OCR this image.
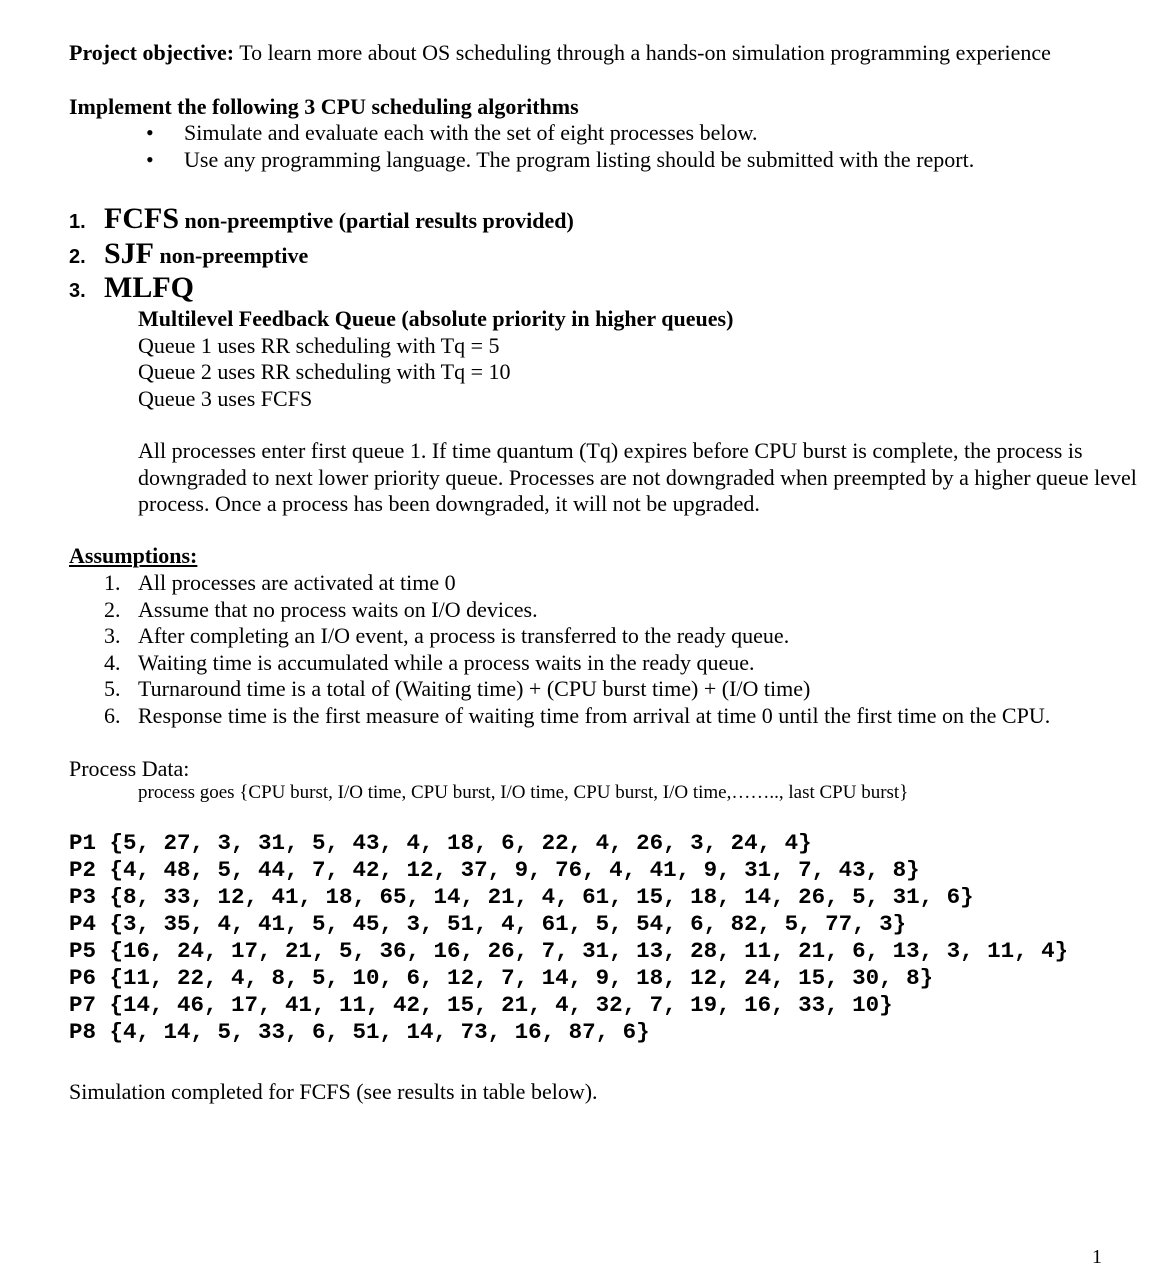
Project objective: To learn more about OS scheduling through a hands-on simulation programming experience
Implement the following 3 CPU scheduling algorithms
• Simulate and evaluate each with the set of eight processes below.
• Use any programming language. The program listing should be submitted with the report.
1. FCFS non-preemptive (partial results provided)
2. SJF non-preemptive
3. MLFQ
Multilevel Feedback Queue (absolute priority in higher queues)
Queue 1 uses RR scheduling with Tq = 5
Queue 2 uses RR scheduling with Tq = 10
Queue 3 uses FCFS
All processes enter first queue 1. If time quantum (Tq) expires before CPU burst is complete, the process is downgraded to next lower priority queue. Processes are not downgraded when preempted by a higher queue level process. Once a process has been downgraded, it will not be upgraded.
Assumptions:
1. All processes are activated at time 0
2. Assume that no process waits on I/O devices.
3. After completing an I/O event, a process is transferred to the ready queue.
4. Waiting time is accumulated while a process waits in the ready queue.
5. Turnaround time is a total of (Waiting time) + (CPU burst time) + (I/O time)
6. Response time is the first measure of waiting time from arrival at time 0 until the first time on the CPU.
Process Data:
process goes {CPU burst, I/O time, CPU burst, I/O time, CPU burst, I/O time,…….., last CPU burst}
P1 {5, 27, 3, 31, 5, 43, 4, 18, 6, 22, 4, 26, 3, 24, 4}
P2 {4, 48, 5, 44, 7, 42, 12, 37, 9, 76, 4, 41, 9, 31, 7, 43, 8}
P3 {8, 33, 12, 41, 18, 65, 14, 21, 4, 61, 15, 18, 14, 26, 5, 31, 6}
P4 {3, 35, 4, 41, 5, 45, 3, 51, 4, 61, 5, 54, 6, 82, 5, 77, 3}
P5 {16, 24, 17, 21, 5, 36, 16, 26, 7, 31, 13, 28, 11, 21, 6, 13, 3, 11, 4}
P6 {11, 22, 4, 8, 5, 10, 6, 12, 7, 14, 9, 18, 12, 24, 15, 30, 8}
P7 {14, 46, 17, 41, 11, 42, 15, 21, 4, 32, 7, 19, 16, 33, 10}
P8 {4, 14, 5, 33, 6, 51, 14, 73, 16, 87, 6}
Simulation completed for FCFS (see results in table below).
1
